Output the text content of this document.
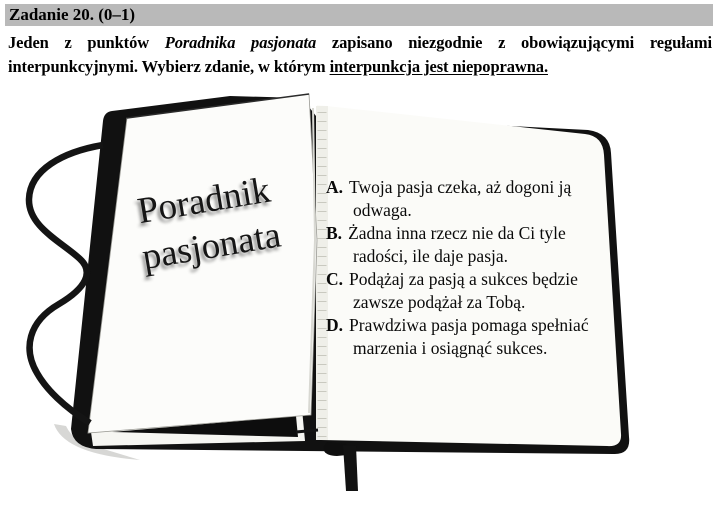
Zadanie 20. (0–1)
Jeden z punktów Poradnika pasjonata zapisano niezgodnie z obowiązującymi regułami
interpunkcyjnymi. Wybierz zdanie, w którym interpunkcja jest niepoprawna.
Poradnik
pasjonata
A. Twoja pasja czeka, aż dogoni ją odwaga.
B. Żadna inna rzecz nie da Ci tyle radości, ile daje pasja.
C. Podążaj za pasją a sukces będzie zawsze podążał za Tobą.
D. Prawdziwa pasja pomaga spełniać marzenia i osiągnąć sukces.
